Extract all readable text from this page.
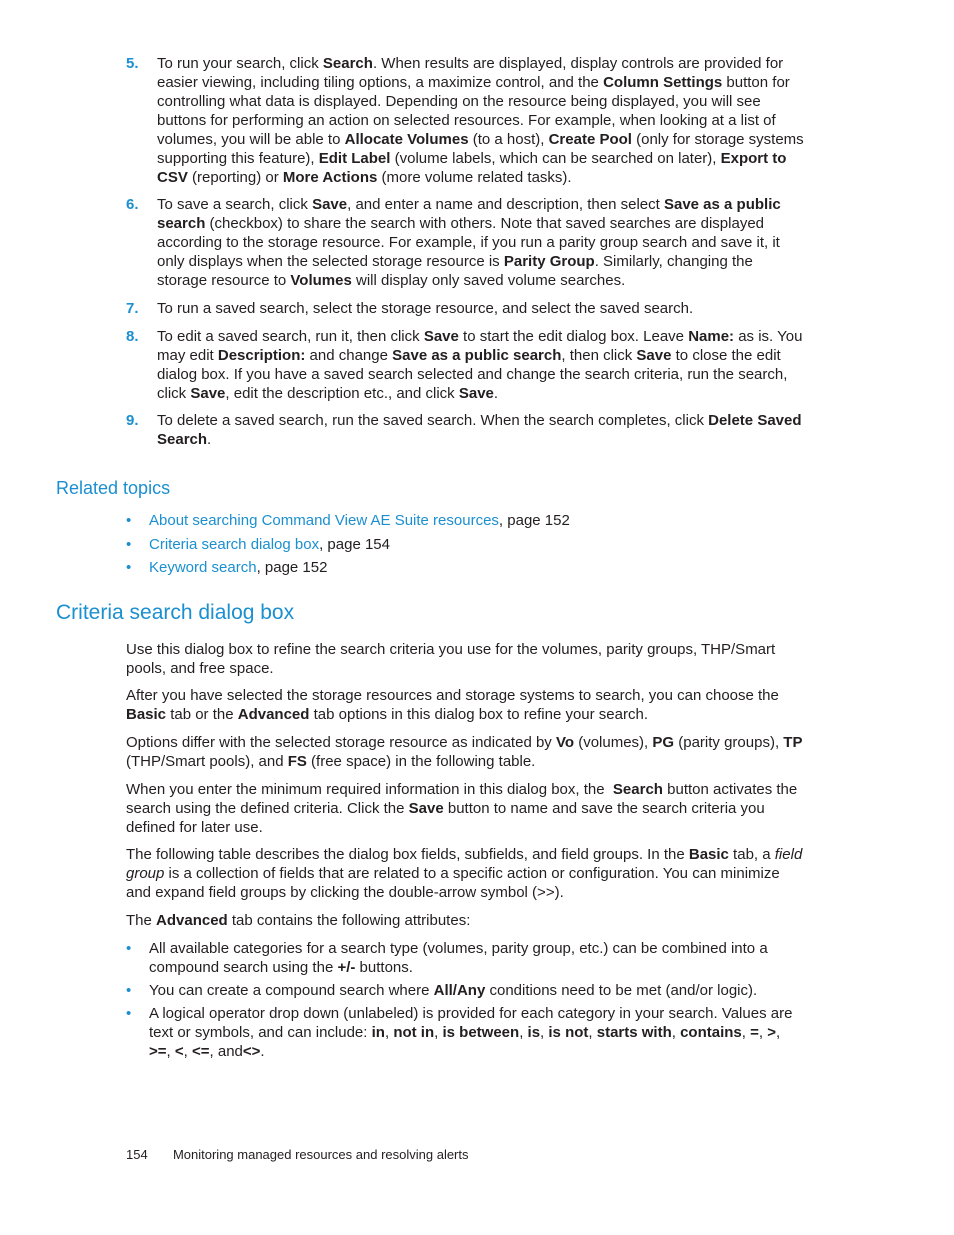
5. To run your search, click Search. When results are displayed, display controls are provided for easier viewing, including tiling options, a maximize control, and the Column Settings button for controlling what data is displayed. Depending on the resource being displayed, you will see buttons for performing an action on selected resources. For example, when looking at a list of volumes, you will be able to Allocate Volumes (to a host), Create Pool (only for storage systems supporting this feature), Edit Label (volume labels, which can be searched on later), Export to CSV (reporting) or More Actions (more volume related tasks).
6. To save a search, click Save, and enter a name and description, then select Save as a public search (checkbox) to share the search with others. Note that saved searches are displayed according to the storage resource. For example, if you run a parity group search and save it, it only displays when the selected storage resource is Parity Group. Similarly, changing the storage resource to Volumes will display only saved volume searches.
7. To run a saved search, select the storage resource, and select the saved search.
8. To edit a saved search, run it, then click Save to start the edit dialog box. Leave Name: as is. You may edit Description: and change Save as a public search, then click Save to close the edit dialog box. If you have a saved search selected and change the search criteria, run the search, click Save, edit the description etc., and click Save.
9. To delete a saved search, run the saved search. When the search completes, click Delete Saved Search.
Related topics
• About searching Command View AE Suite resources, page 152
• Criteria search dialog box, page 154
• Keyword search, page 152
Criteria search dialog box
Use this dialog box to refine the search criteria you use for the volumes, parity groups, THP/Smart pools, and free space.
After you have selected the storage resources and storage systems to search, you can choose the Basic tab or the Advanced tab options in this dialog box to refine your search.
Options differ with the selected storage resource as indicated by Vo (volumes), PG (parity groups), TP (THP/Smart pools), and FS (free space) in the following table.
When you enter the minimum required information in this dialog box, the  Search button activates the search using the defined criteria. Click the Save button to name and save the search criteria you defined for later use.
The following table describes the dialog box fields, subfields, and field groups. In the Basic tab, a field group is a collection of fields that are related to a specific action or configuration. You can minimize and expand field groups by clicking the double-arrow symbol (>>).
The Advanced tab contains the following attributes:
• All available categories for a search type (volumes, parity group, etc.) can be combined into a compound search using the +/- buttons.
• You can create a compound search where All/Any conditions need to be met (and/or logic).
• A logical operator drop down (unlabeled) is provided for each category in your search. Values are text or symbols, and can include: in, not in, is between, is, is not, starts with, contains, =, >, >=, <, <=, and<>.
154 Monitoring managed resources and resolving alerts
